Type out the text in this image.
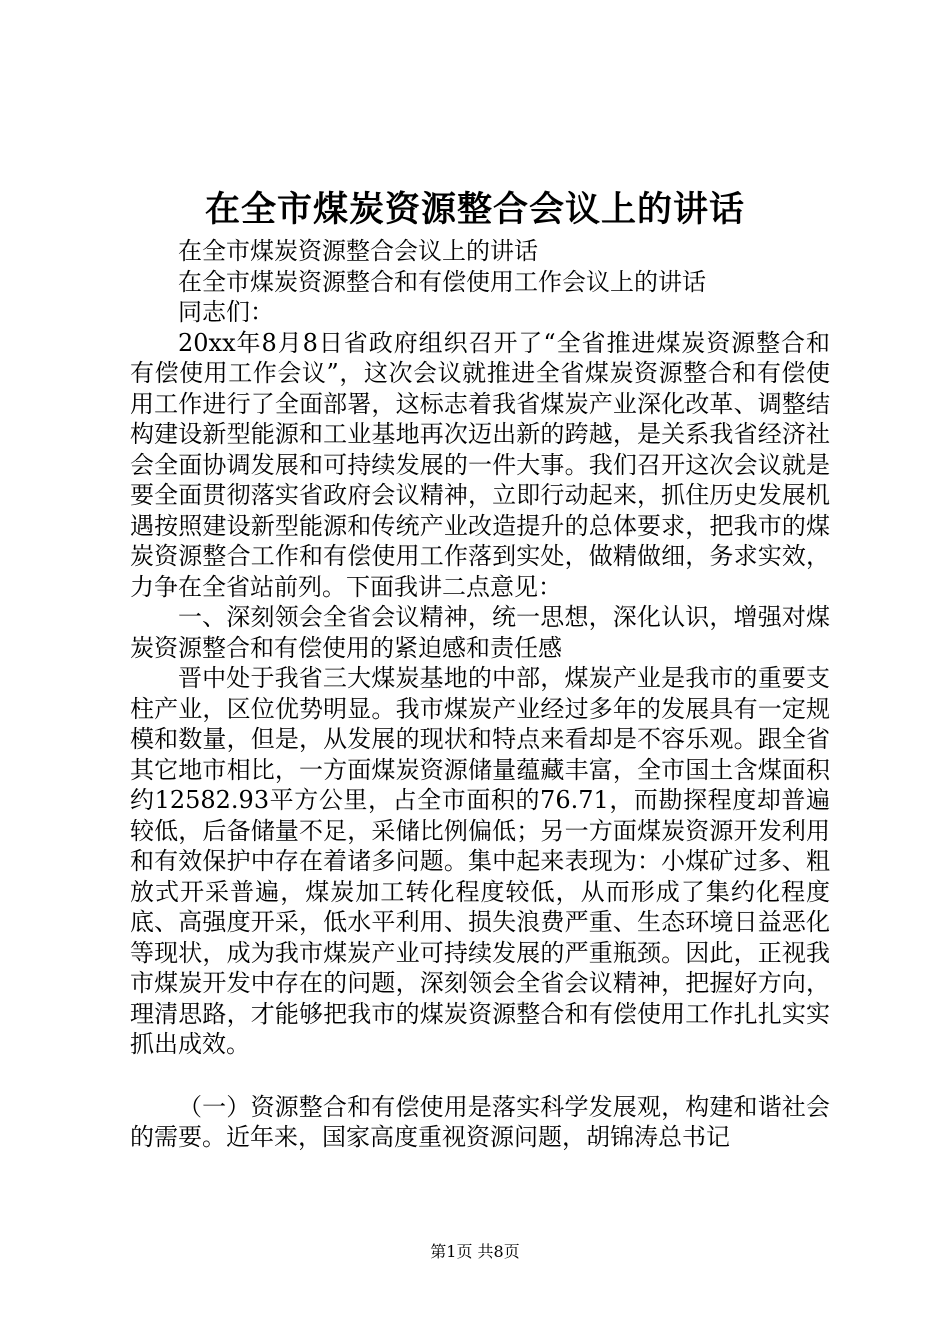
在全市煤炭资源整合会议上的讲话

在全市煤炭资源整合会议上的讲话

在全市煤炭资源整合和有偿使用工作会议上的讲话

同志们：

20xx年8月8日省政府组织召开了“全省推进煤炭资源整合和有偿使用工作会议”，这次会议就推进全省煤炭资源整合和有偿使用工作进行了全面部署，这标志着我省煤炭产业深化改革、调整结构建设新型能源和工业基地再次迈出新的跨越，是关系我省经济社会全面协调发展和可持续发展的一件大事。我们召开这次会议就是要全面贯彻落实省政府会议精神，立即行动起来，抓住历史发展机遇按照建设新型能源和传统产业改造提升的总体要求，把我市的煤炭资源整合工作和有偿使用工作落到实处，做精做细，务求实效，力争在全省站前列。下面我讲二点意见：

一、深刻领会全省会议精神，统一思想，深化认识，增强对煤炭资源整合和有偿使用的紧迫感和责任感

晋中处于我省三大煤炭基地的中部，煤炭产业是我市的重要支柱产业，区位优势明显。我市煤炭产业经过多年的发展具有一定规模和数量，但是，从发展的现状和特点来看却是不容乐观。跟全省其它地市相比，一方面煤炭资源储量蕴藏丰富，全市国土含煤面积约12582.93平方公里，占全市面积的76.71，而勘探程度却普遍较低，后备储量不足，采储比例偏低；另一方面煤炭资源开发利用和有效保护中存在着诸多问题。集中起来表现为：小煤矿过多、粗放式开采普遍，煤炭加工转化程度较低，从而形成了集约化程度底、高强度开采，低水平利用、损失浪费严重、生态环境日益恶化等现状，成为我市煤炭产业可持续发展的严重瓶颈。因此，正视我市煤炭开发中存在的问题，深刻领会全省会议精神，把握好方向，理清思路，才能够把我市的煤炭资源整合和有偿使用工作扎扎实实抓出成效。

（一）资源整合和有偿使用是落实科学发展观，构建和谐社会的需要。近年来，国家高度重视资源问题，胡锦涛总书记

第1页 共8页
